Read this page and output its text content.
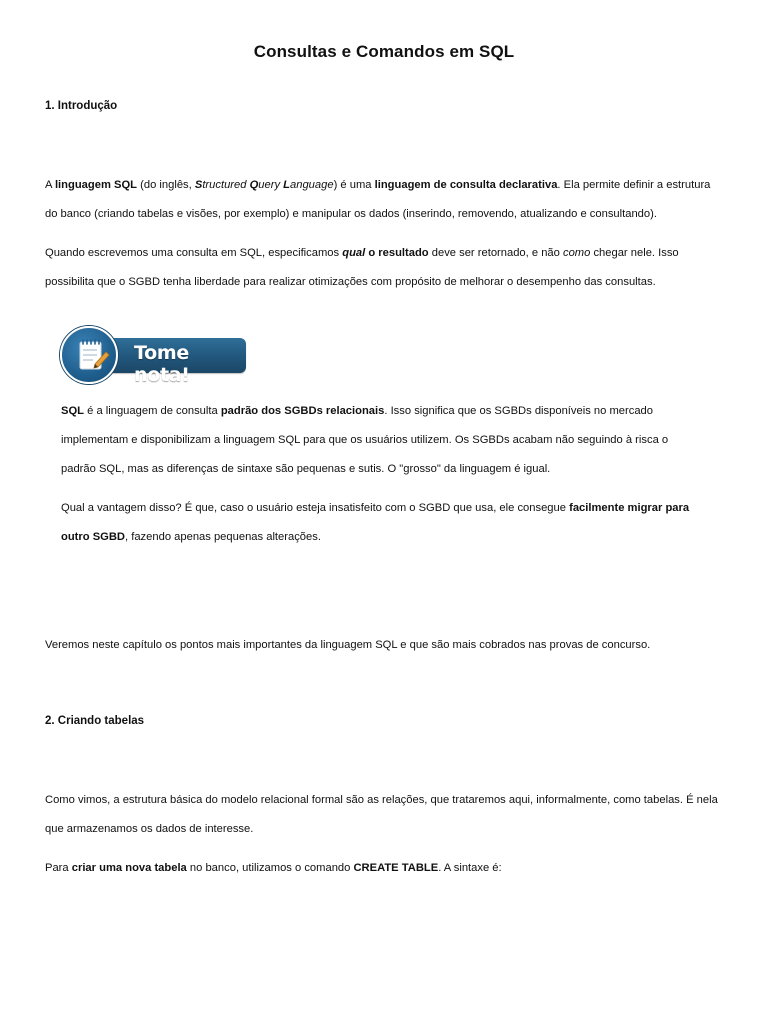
Consultas e Comandos em SQL
1. Introdução

A linguagem SQL (do inglês, Structured Query Language) é uma linguagem de consulta declarativa. Ela permite definir a estrutura do banco (criando tabelas e visões, por exemplo) e manipular os dados (inserindo, removendo, atualizando e consultando).

Quando escrevemos uma consulta em SQL, especificamos qual o resultado deve ser retornado, e não como chegar nele. Isso possibilita que o SGBD tenha liberdade para realizar otimizações com propósito de melhorar o desempenho das consultas.

Tome nota!

SQL é a linguagem de consulta padrão dos SGBDs relacionais. Isso significa que os SGBDs disponíveis no mercado implementam e disponibilizam a linguagem SQL para que os usuários utilizem. Os SGBDs acabam não seguindo à risca o padrão SQL, mas as diferenças de sintaxe são pequenas e sutis. O "grosso" da linguagem é igual.

Qual a vantagem disso? É que, caso o usuário esteja insatisfeito com o SGBD que usa, ele consegue facilmente migrar para outro SGBD, fazendo apenas pequenas alterações.

Veremos neste capítulo os pontos mais importantes da linguagem SQL e que são mais cobrados nas provas de concurso.

2. Criando tabelas

Como vimos, a estrutura básica do modelo relacional formal são as relações, que trataremos aqui, informalmente, como tabelas. É nela que armazenamos os dados de interesse.

Para criar uma nova tabela no banco, utilizamos o comando CREATE TABLE. A sintaxe é:
